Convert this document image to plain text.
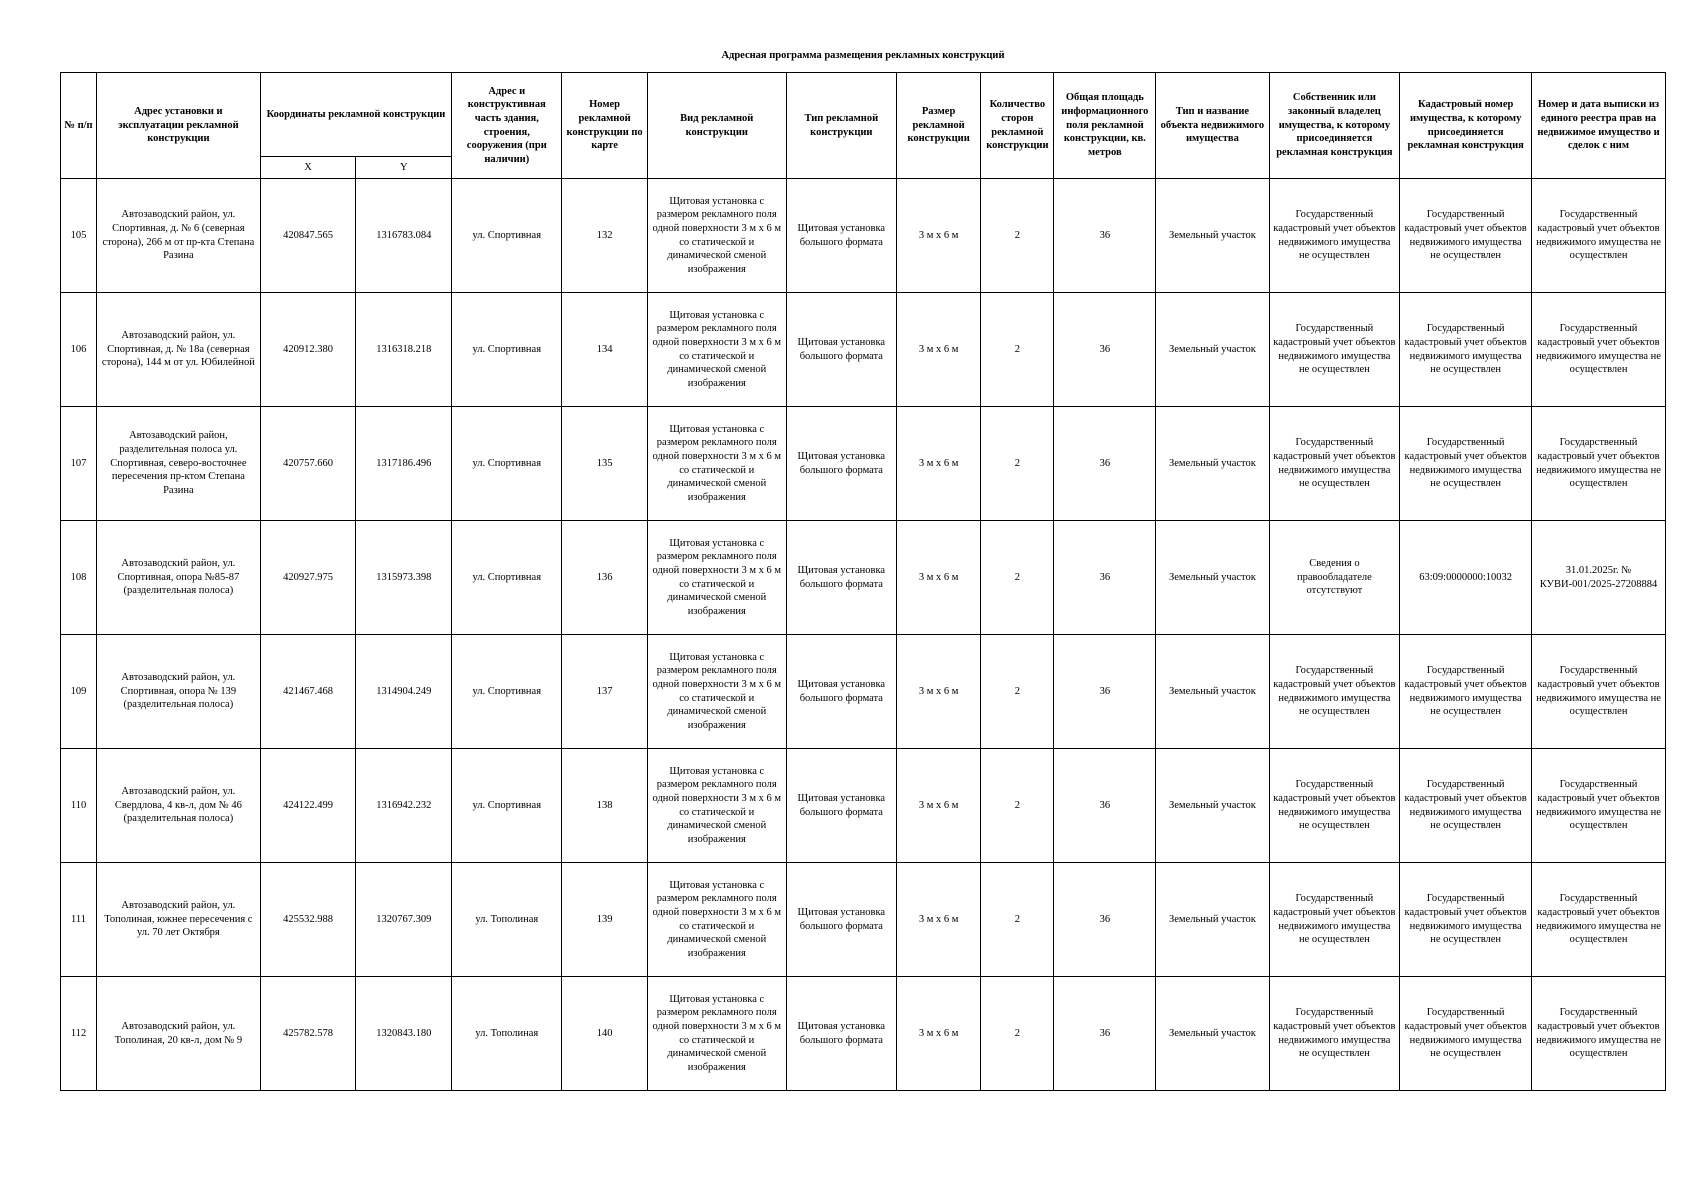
Адресная программа размещения рекламных конструкций
№ п/п	Адрес установки и эксплуатации рекламной конструкции	Координаты рекламной конструкции		Адрес и конструктивная часть здания, строения, сооружения (при наличии)	Номер рекламной конструкции по карте	Вид рекламной конструкции	Тип рекламной конструкции	Размер рекламной конструкции	Количество сторон рекламной конструкции	Общая площадь информационного поля рекламной конструкции, кв. метров	Тип и название объекта недвижимого имущества	Собственник или законный владелец имущества, к которому присоединяется рекламная конструкция	Кадастровый номер имущества, к которому присоединяется рекламная конструкция	Номер и дата выписки из единого реестра прав на недвижимое имущество и сделок с ним
		X	Y											
105	Автозаводский район, ул. Спортивная, д. № 6 (северная сторона), 266 м от пр-кта Степана Разина	420847.565	1316783.084	ул. Спортивная	132	Щитовая установка с размером рекламного поля одной поверхности 3 м х 6 м со статической и динамической сменой изображения	Щитовая установка большого формата	3 м х 6 м	2	36	Земельный участок	Государственный кадастровый учет объектов недвижимого имущества не осуществлен	Государственный кадастровый учет объектов недвижимого имущества не осуществлен	Государственный кадастровый учет объектов недвижимого имущества не осуществлен
106	Автозаводский район, ул. Спортивная, д. № 18а (северная сторона), 144 м от ул. Юбилейной	420912.380	1316318.218	ул. Спортивная	134	Щитовая установка с размером рекламного поля одной поверхности 3 м х 6 м со статической и динамической сменой изображения	Щитовая установка большого формата	3 м х 6 м	2	36	Земельный участок	Государственный кадастровый учет объектов недвижимого имущества не осуществлен	Государственный кадастровый учет объектов недвижимого имущества не осуществлен	Государственный кадастровый учет объектов недвижимого имущества не осуществлен
107	Автозаводский район, разделительная полоса ул. Спортивная, северо-восточнее пересечения пр-ктом Степана Разина	420757.660	1317186.496	ул. Спортивная	135	Щитовая установка с размером рекламного поля одной поверхности 3 м х 6 м со статической и динамической сменой изображения	Щитовая установка большого формата	3 м х 6 м	2	36	Земельный участок	Государственный кадастровый учет объектов недвижимого имущества не осуществлен	Государственный кадастровый учет объектов недвижимого имущества не осуществлен	Государственный кадастровый учет объектов недвижимого имущества не осуществлен
108	Автозаводский район, ул. Спортивная, опора №85-87 (разделительная полоса)	420927.975	1315973.398	ул. Спортивная	136	Щитовая установка с размером рекламного поля одной поверхности 3 м х 6 м со статической и динамической сменой изображения	Щитовая установка большого формата	3 м х 6 м	2	36	Земельный участок	Сведения о правообладателе отсутствуют	63:09:0000000:10032	31.01.2025г. № КУВИ-001/2025-27208884
109	Автозаводский район, ул. Спортивная, опора № 139 (разделительная полоса)	421467.468	1314904.249	ул. Спортивная	137	Щитовая установка с размером рекламного поля одной поверхности 3 м х 6 м со статической и динамической сменой изображения	Щитовая установка большого формата	3 м х 6 м	2	36	Земельный участок	Государственный кадастровый учет объектов недвижимого имущества не осуществлен	Государственный кадастровый учет объектов недвижимого имущества не осуществлен	Государственный кадастровый учет объектов недвижимого имущества не осуществлен
110	Автозаводский район, ул. Свердлова, 4 кв-л, дом № 46 (разделительная полоса)	424122.499	1316942.232	ул. Спортивная	138	Щитовая установка с размером рекламного поля одной поверхности 3 м х 6 м со статической и динамической сменой изображения	Щитовая установка большого формата	3 м х 6 м	2	36	Земельный участок	Государственный кадастровый учет объектов недвижимого имущества не осуществлен	Государственный кадастровый учет объектов недвижимого имущества не осуществлен	Государственный кадастровый учет объектов недвижимого имущества не осуществлен
111	Автозаводский район, ул. Тополиная, южнее пересечения с ул. 70 лет Октября	425532.988	1320767.309	ул. Тополиная	139	Щитовая установка с размером рекламного поля одной поверхности 3 м х 6 м со статической и динамической сменой изображения	Щитовая установка большого формата	3 м х 6 м	2	36	Земельный участок	Государственный кадастровый учет объектов недвижимого имущества не осуществлен	Государственный кадастровый учет объектов недвижимого имущества не осуществлен	Государственный кадастровый учет объектов недвижимого имущества не осуществлен
112	Автозаводский район, ул. Тополиная, 20 кв-л, дом № 9	425782.578	1320843.180	ул. Тополиная	140	Щитовая установка с размером рекламного поля одной поверхности 3 м х 6 м со статической и динамической сменой изображения	Щитовая установка большого формата	3 м х 6 м	2	36	Земельный участок	Государственный кадастровый учет объектов недвижимого имущества не осуществлен	Государственный кадастровый учет объектов недвижимого имущества не осуществлен	Государственный кадастровый учет объектов недвижимого имущества не осуществлен
